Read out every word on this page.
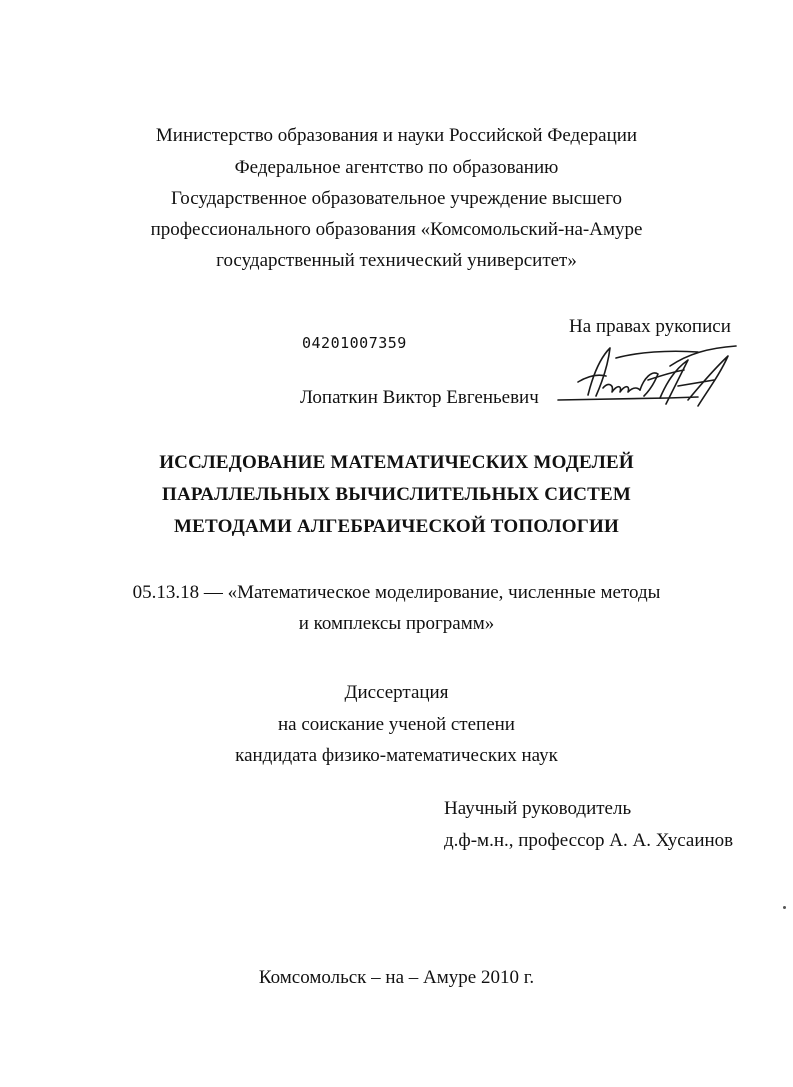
Министерство образования и науки Российской Федерации
Федеральное агентство по образованию
Государственное образовательное учреждение высшего
профессионального образования «Комсомольский-на-Амуре
государственный технический университет»
04201007359
На правах рукописи
Лопаткин Виктор Евгеньевич
ИССЛЕДОВАНИЕ МАТЕМАТИЧЕСКИХ МОДЕЛЕЙ
ПАРАЛЛЕЛЬНЫХ ВЫЧИСЛИТЕЛЬНЫХ СИСТЕМ
МЕТОДАМИ АЛГЕБРАИЧЕСКОЙ ТОПОЛОГИИ
05.13.18 — «Математическое моделирование, численные методы
и комплексы программ»
Диссертация
на соискание ученой степени
кандидата физико-математических наук
Научный руководитель
д.ф-м.н., профессор А. А. Хусаинов
Комсомольск – на – Амуре 2010 г.
